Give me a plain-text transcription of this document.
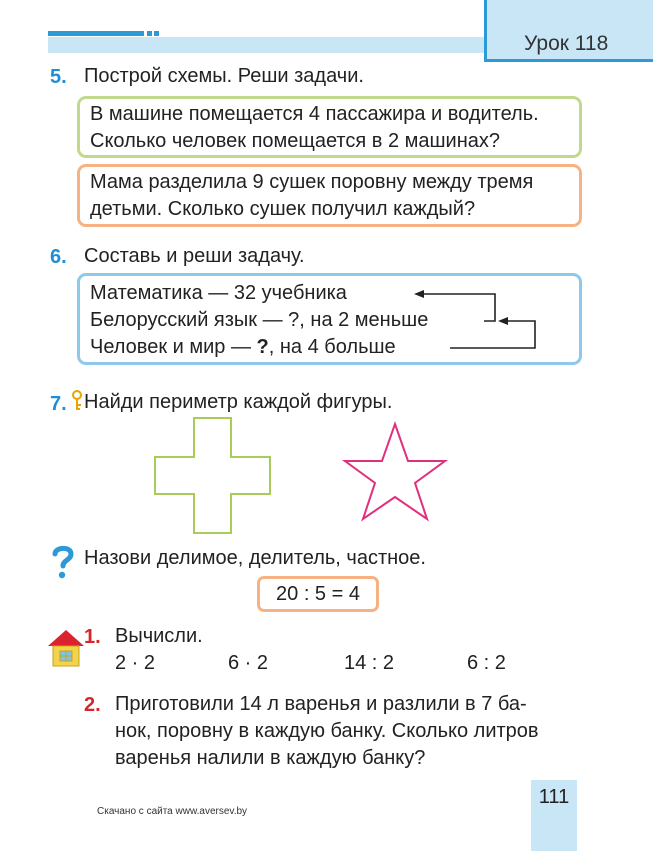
Урок 118
5. Построй схемы. Реши задачи.
В машине помещается 4 пассажира и водитель.
Сколько человек помещается в 2 машинах?
Мама разделила 9 сушек поровну между тремя
детьми. Сколько сушек получил каждый?
6. Составь и реши задачу.
Математика — 32 учебника
Белорусский язык — ?, на 2 меньше
Человек и мир — ?, на 4 больше
7. Найди периметр каждой фигуры.
Назови делимое, делитель, частное.
20 : 5 = 4
1. Вычисли.
2 · 2	6 · 2	14 : 2	6 : 2
2. Приготовили 14 л варенья и разлили в 7 ба-
нок, поровну в каждую банку. Сколько литров
варенья налили в каждую банку?
111
Скачано с сайта www.aversev.by
